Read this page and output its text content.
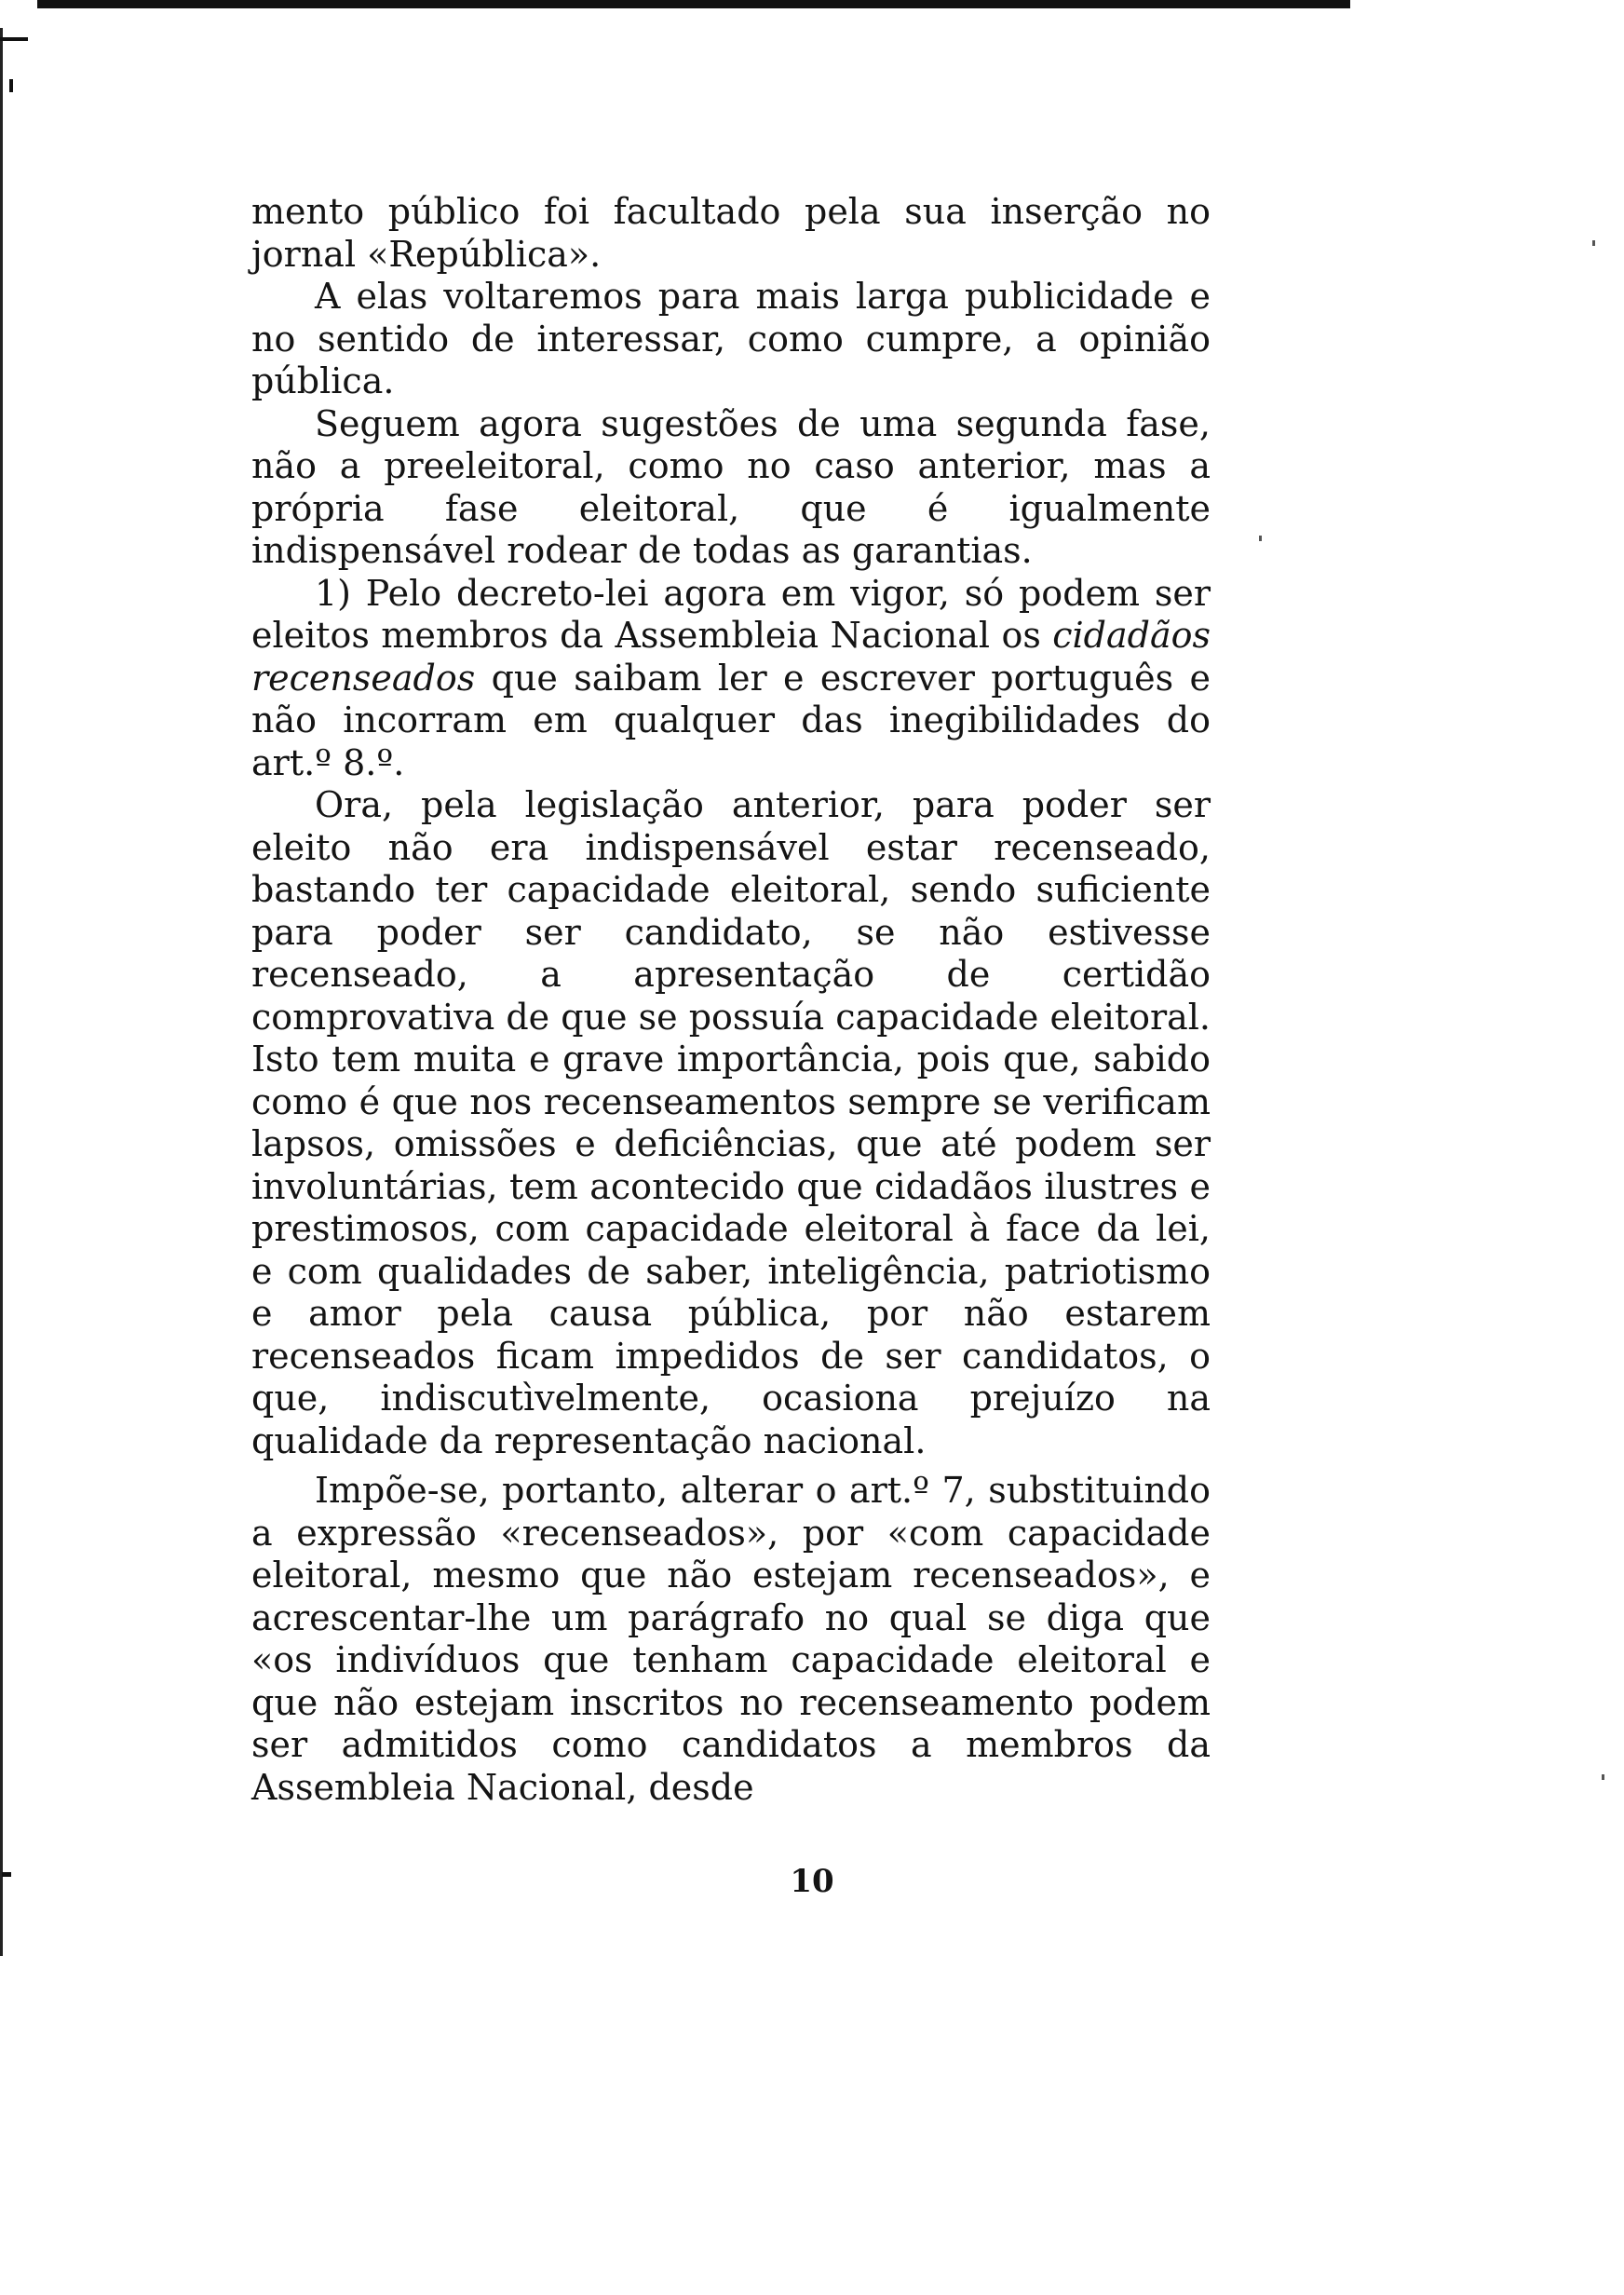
mento público foi facultado pela sua inserção no jornal «República».

A elas voltaremos para mais larga publicidade e no sentido de interessar, como cumpre, a opinião pública.

Seguem agora sugestões de uma segunda fase, não a preeleitoral, como no caso anterior, mas a própria fase eleitoral, que é igualmente indispensável rodear de todas as garantias.

1) Pelo decreto-lei agora em vigor, só podem ser eleitos membros da Assembleia Nacional os cidadãos recenseados que saibam ler e escrever português e não incorram em qualquer das inegibilidades do art.º 8.º.

Ora, pela legislação anterior, para poder ser eleito não era indispensável estar recenseado, bastando ter capacidade eleitoral, sendo suficiente para poder ser candidato, se não estivesse recenseado, a apresentação de certidão comprovativa de que se possuía capacidade eleitoral. Isto tem muita e grave importância, pois que, sabido como é que nos recenseamentos sempre se verificam lapsos, omissões e deficiências, que até podem ser involuntárias, tem acontecido que cidadãos ilustres e prestimosos, com capacidade eleitoral à face da lei, e com qualidades de saber, inteligência, patriotismo e amor pela causa pública, por não estarem recenseados ficam impedidos de ser candidatos, o que, indiscutìvelmente, ocasiona prejuízo na qualidade da representação nacional.

Impõe-se, portanto, alterar o art.º 7, substituindo a expressão «recenseados», por «com capacidade eleitoral, mesmo que não estejam recenseados», e acrescentar-lhe um parágrafo no qual se diga que «os indivíduos que tenham capacidade eleitoral e que não estejam inscritos no recenseamento podem ser admitidos como candidatos a membros da Assembleia Nacional, desde

10
